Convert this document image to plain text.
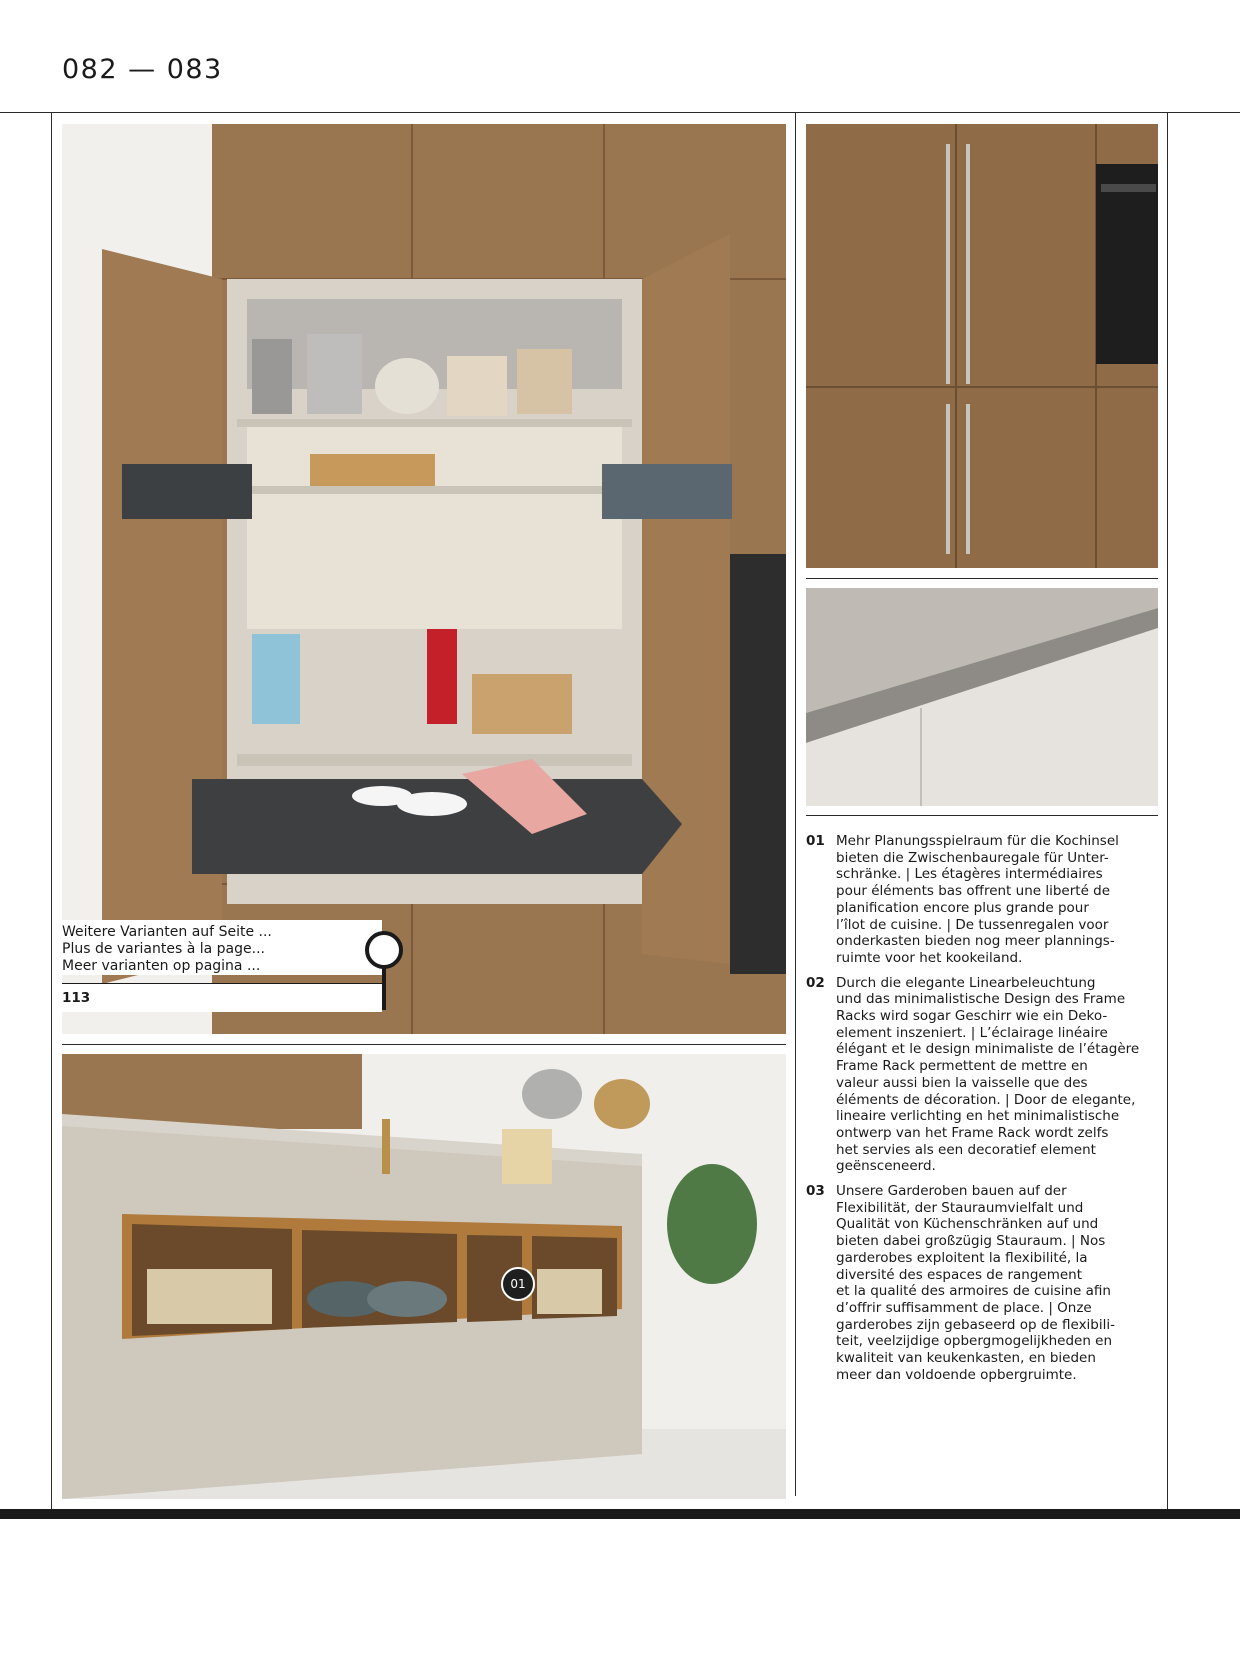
082 — 083
Weitere Varianten auf Seite ...
Plus de variantes à la page...
Meer varianten op pagina ...
113
01
01 Mehr Planungsspielraum für die Kochinsel
bieten die Zwischenbauregale für Unter-
schränke. | Les étagères intermédiaires
pour éléments bas offrent une liberté de
planification encore plus grande pour
l’îlot de cuisine. | De tussenregalen voor
onderkasten bieden nog meer plannings-
ruimte voor het kookeiland.
02 Durch die elegante Linearbeleuchtung
und das minimalistische Design des Frame
Racks wird sogar Geschirr wie ein Deko-
element inszeniert. | L’éclairage linéaire
élégant et le design minimaliste de l’étagère
Frame Rack permettent de mettre en
valeur aussi bien la vaisselle que des
éléments de décoration. | Door de elegante,
lineaire verlichting en het minimalistische
ontwerp van het Frame Rack wordt zelfs
het servies als een decoratief element
geënsceneerd.
03 Unsere Garderoben bauen auf der
Flexibilität, der Stauraumvielfalt und
Qualität von Küchenschränken auf und
bieten dabei großzügig Stauraum. | Nos
garderobes exploitent la flexibilité, la
diversité des espaces de rangement
et la qualité des armoires de cuisine afin
d’offrir suffisamment de place. | Onze
garderobes zijn gebaseerd op de flexibili-
teit, veelzijdige opbergmogelijkheden en
kwaliteit van keukenkasten, en bieden
meer dan voldoende opbergruimte.
